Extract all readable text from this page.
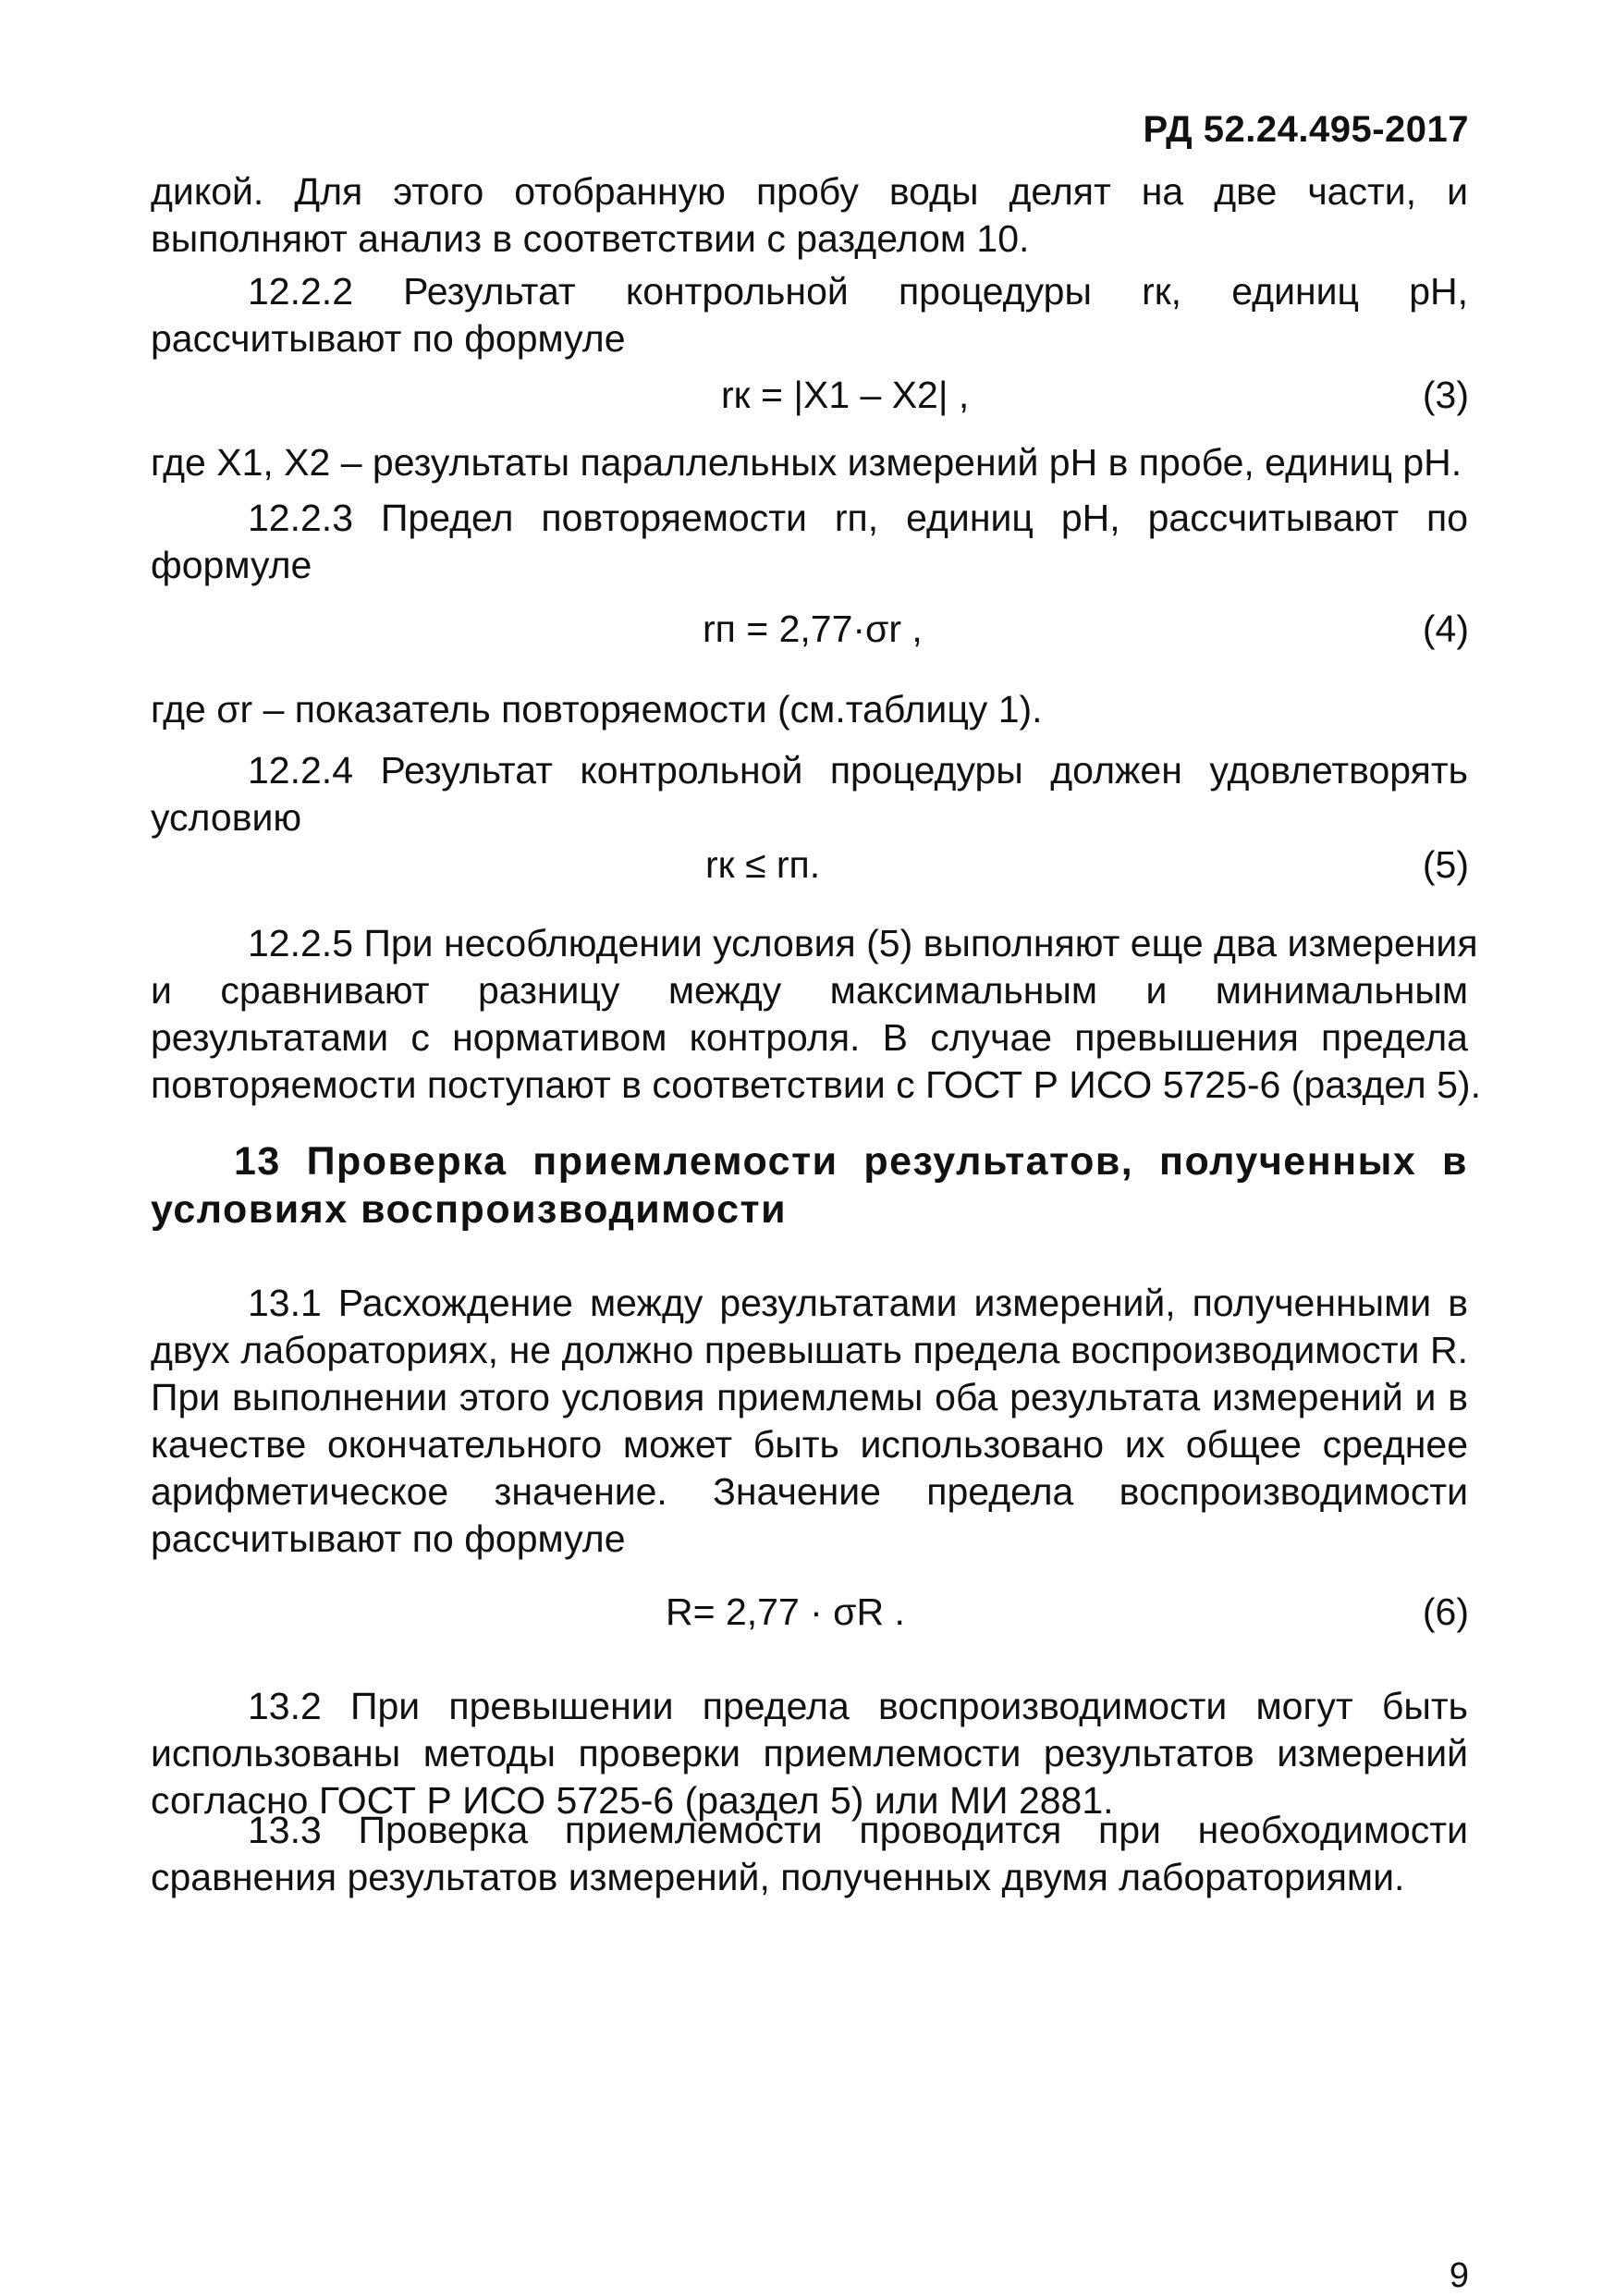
РД 52.24.495-2017
дикой. Для этого отобранную пробу воды делят на две части, и
выполняют анализ в соответствии с разделом 10.
12.2.2 Результат контрольной процедуры rк, единиц pH,
рассчитывают по формуле
rк = |X1 – X2| ,	(3)
где X1, X2 – результаты параллельных измерений pH в пробе, единиц pH.
12.2.3 Предел повторяемости rп, единиц pH, рассчитывают по
формуле
rп = 2,77·σr ,	(4)
где σr – показатель повторяемости (см.таблицу 1).
12.2.4 Результат контрольной процедуры должен удовлетворять
условию
rк ≤ rп.	(5)
12.2.5 При несоблюдении условия (5) выполняют еще два измерения
и сравнивают разницу между максимальным и минимальным
результатами с нормативом контроля. В случае превышения предела
повторяемости поступают в соответствии с ГОСТ Р ИСО 5725-6 (раздел 5).
13 Проверка приемлемости результатов, полученных в
условиях воспроизводимости
13.1 Расхождение между результатами измерений, полученными в
двух лабораториях, не должно превышать предела воспроизводимости R.
При выполнении этого условия приемлемы оба результата измерений и в
качестве окончательного может быть использовано их общее среднее
арифметическое значение. Значение предела воспроизводимости
рассчитывают по формуле
R= 2,77 · σR .	(6)
13.2 При превышении предела воспроизводимости могут быть
использованы методы проверки приемлемости результатов измерений
согласно ГОСТ Р ИСО 5725-6 (раздел 5) или МИ 2881.
13.3 Проверка приемлемости проводится при необходимости
сравнения результатов измерений, полученных двумя лабораториями.
9
